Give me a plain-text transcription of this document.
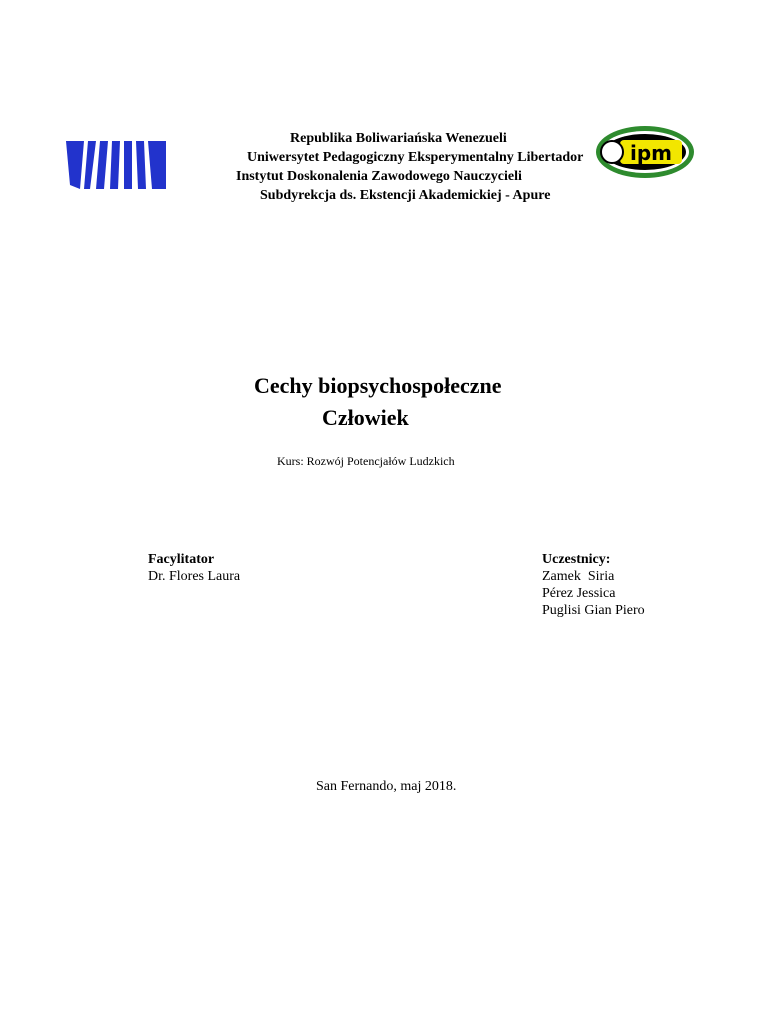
Republika Boliwariańska Wenezueli
Uniwersytet Pedagogiczny Eksperymentalny Libertador
Instytut Doskonalenia Zawodowego Nauczycieli
Subdyrekcja ds. Ekstencji Akademickiej - Apure
ipm
Cechy biopsychospołeczne
Człowiek
Kurs: Rozwój Potencjałów Ludzkich
Facylitator
Dr. Flores Laura
Uczestnicy:
Zamek  Siria
Pérez Jessica
Puglisi Gian Piero
San Fernando, maj 2018.
